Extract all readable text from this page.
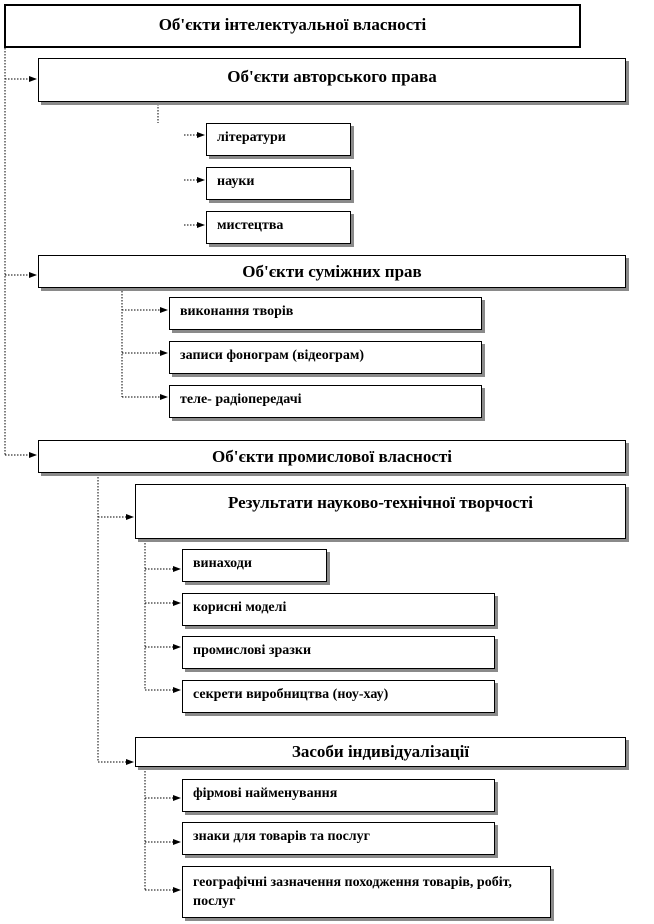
Об'єкти інтелектуальної власності
Об'єкти авторського права
літератури
науки
мистецтва
Об'єкти суміжних прав
виконання творів
записи фонограм (відеограм)
теле- радіопередачі
Об'єкти промислової власності
Результати науково-технічної творчості
винаходи
корисні моделі
промислові зразки
секрети виробництва (ноу-хау)
Засоби індивідуалізації
фірмові найменування
знаки для товарів та послуг
географічні зазначення походження товарів, робіт, послуг
